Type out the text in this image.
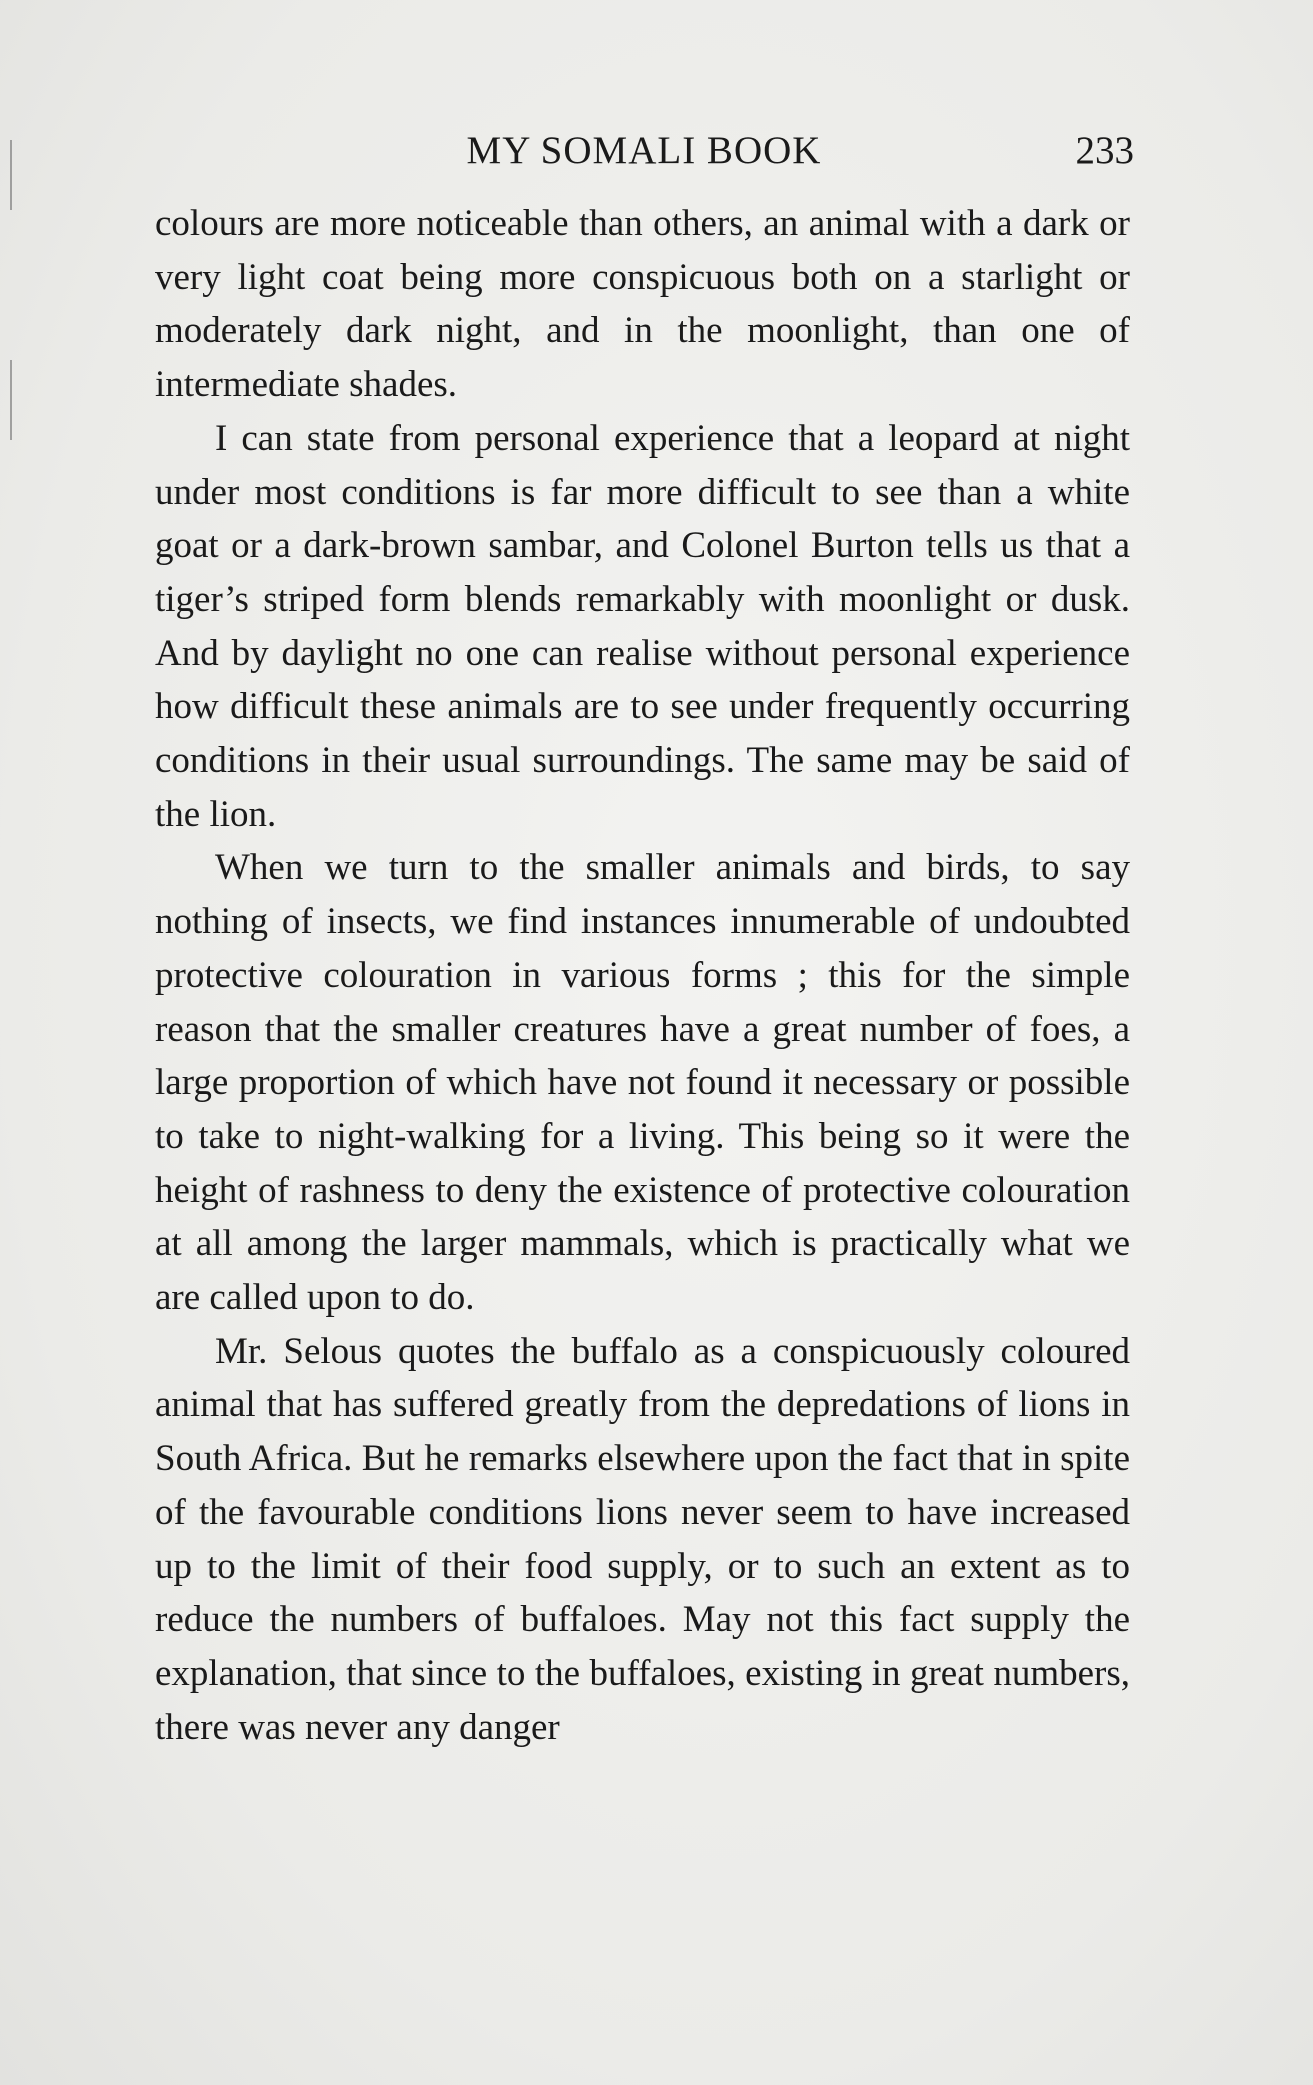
MY SOMALI BOOK	233

colours are more noticeable than others, an animal with a dark or very light coat being more conspicuous both on a starlight or moderately dark night, and in the moonlight, than one of intermediate shades.

I can state from personal experience that a leopard at night under most conditions is far more difficult to see than a white goat or a dark-brown sambar, and Colonel Burton tells us that a tiger’s striped form blends remarkably with moonlight or dusk. And by daylight no one can realise without personal experience how difficult these animals are to see under frequently occurring conditions in their usual surroundings. The same may be said of the lion.

When we turn to the smaller animals and birds, to say nothing of insects, we find instances innumerable of undoubted protective colouration in various forms ; this for the simple reason that the smaller creatures have a great number of foes, a large proportion of which have not found it necessary or possible to take to night-walking for a living. This being so it were the height of rashness to deny the existence of protective colouration at all among the larger mammals, which is practically what we are called upon to do.

Mr. Selous quotes the buffalo as a conspicuously coloured animal that has suffered greatly from the depredations of lions in South Africa. But he remarks elsewhere upon the fact that in spite of the favourable conditions lions never seem to have increased up to the limit of their food supply, or to such an extent as to reduce the numbers of buffaloes. May not this fact supply the explanation, that since to the buffaloes, existing in great numbers, there was never any danger
